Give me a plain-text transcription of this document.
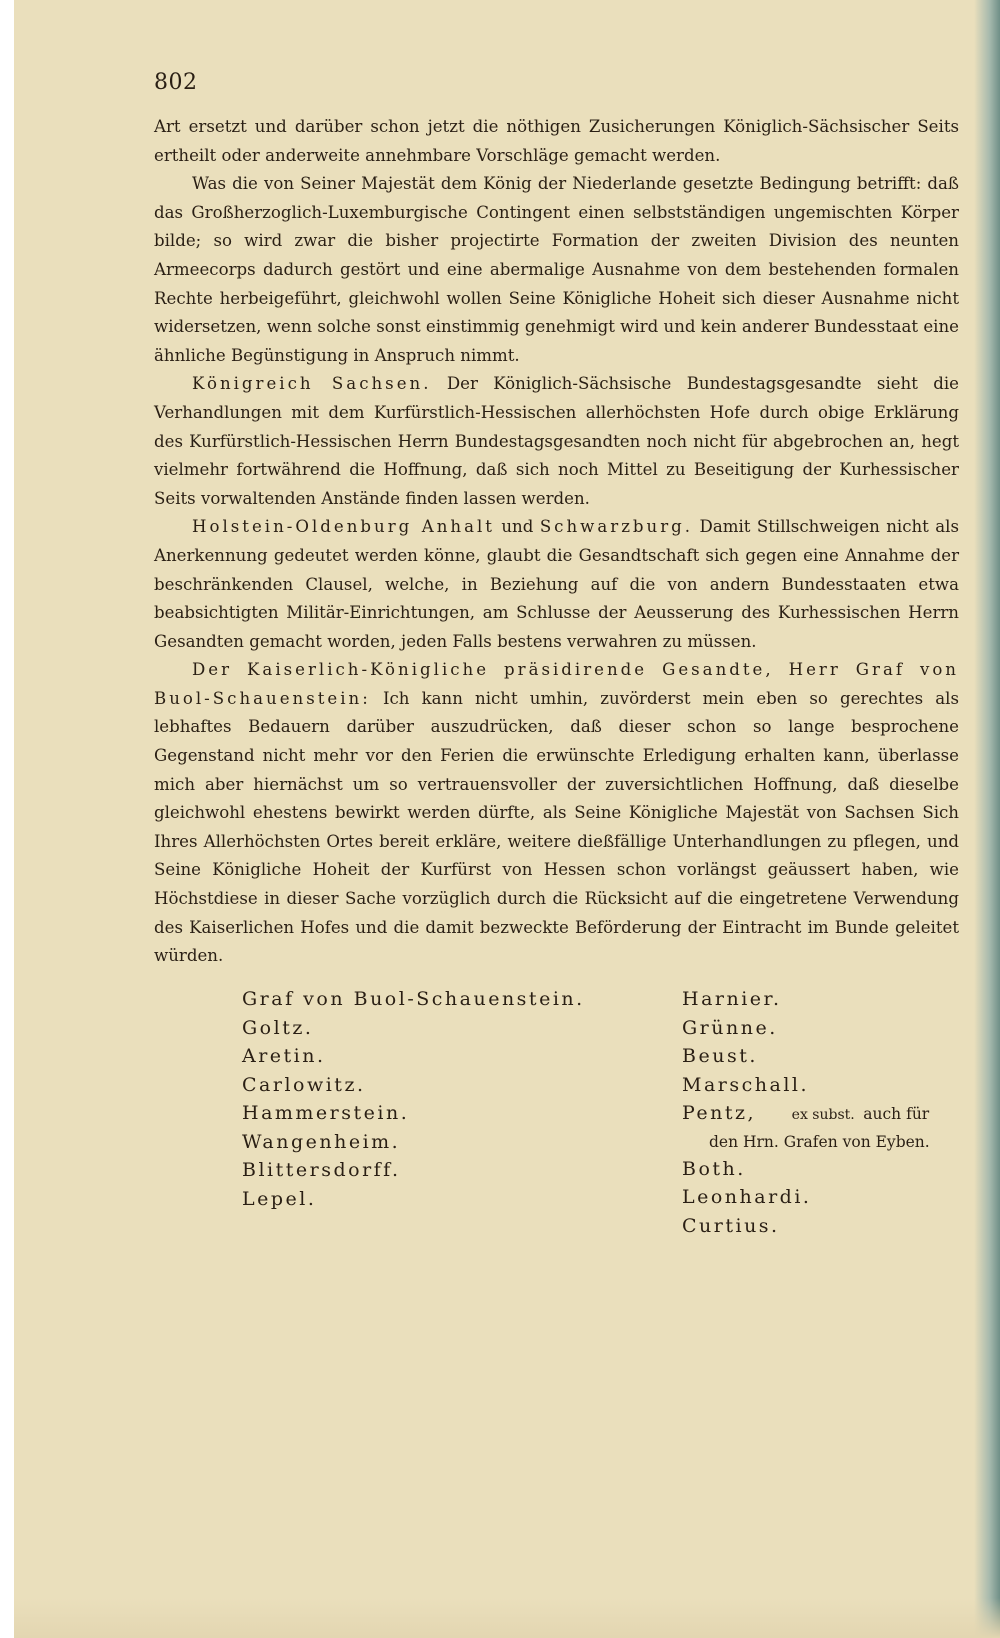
802

Art ersetzt und darüber schon jetzt die nöthigen Zusicherungen Königlich-Sächsischer Seits ertheilt oder anderweite annehmbare Vorschläge gemacht werden.

Was die von Seiner Majestät dem König der Niederlande gesetzte Bedingung betrifft: daß das Großherzoglich-Luxemburgische Contingent einen selbstständigen ungemischten Körper bilde; so wird zwar die bisher projectirte Formation der zweiten Division des neunten Armeecorps dadurch gestört und eine abermalige Ausnahme von dem bestehenden formalen Rechte herbeigeführt, gleichwohl wollen Seine Königliche Hoheit sich dieser Ausnahme nicht widersetzen, wenn solche sonst einstimmig genehmigt wird und kein anderer Bundesstaat eine ähnliche Begünstigung in Anspruch nimmt.

Königreich Sachsen. Der Königlich-Sächsische Bundestagsgesandte sieht die Verhandlungen mit dem Kurfürstlich-Hessischen allerhöchsten Hofe durch obige Erklärung des Kurfürstlich-Hessischen Herrn Bundestagsgesandten noch nicht für abgebrochen an, hegt vielmehr fortwährend die Hoffnung, daß sich noch Mittel zu Beseitigung der Kurhessischer Seits vorwaltenden Anstände finden lassen werden.

Holstein-Oldenburg Anhalt und Schwarzburg. Damit Stillschweigen nicht als Anerkennung gedeutet werden könne, glaubt die Gesandtschaft sich gegen eine Annahme der beschränkenden Clausel, welche, in Beziehung auf die von andern Bundesstaaten etwa beabsichtigten Militär-Einrichtungen, am Schlusse der Aeusserung des Kurhessischen Herrn Gesandten gemacht worden, jeden Falls bestens verwahren zu müssen.

Der Kaiserlich-Königliche präsidirende Gesandte, Herr Graf von Buol-Schauenstein: Ich kann nicht umhin, zuvörderst mein eben so gerechtes als lebhaftes Bedauern darüber auszudrücken, daß dieser schon so lange besprochene Gegenstand nicht mehr vor den Ferien die erwünschte Erledigung erhalten kann, überlasse mich aber hiernächst um so vertrauensvoller der zuversichtlichen Hoffnung, daß dieselbe gleichwohl ehestens bewirkt werden dürfte, als Seine Königliche Majestät von Sachsen Sich Ihres Allerhöchsten Ortes bereit erkläre, weitere dießfällige Unterhandlungen zu pflegen, und Seine Königliche Hoheit der Kurfürst von Hessen schon vorlängst geäussert haben, wie Höchstdiese in dieser Sache vorzüglich durch die Rücksicht auf die eingetretene Verwendung des Kaiserlichen Hofes und die damit bezweckte Beförderung der Eintracht im Bunde geleitet würden.

Graf von Buol-Schauenstein.
Goltz.
Aretin.
Carlowitz.
Hammerstein.
Wangenheim.
Blittersdorff.
Lepel.
Harnier.
Grünne.
Beust.
Marschall.
Pentz,	ex subst. auch für
den Hrn. Grafen von Eyben.
Both.
Leonhardi.
Curtius.
